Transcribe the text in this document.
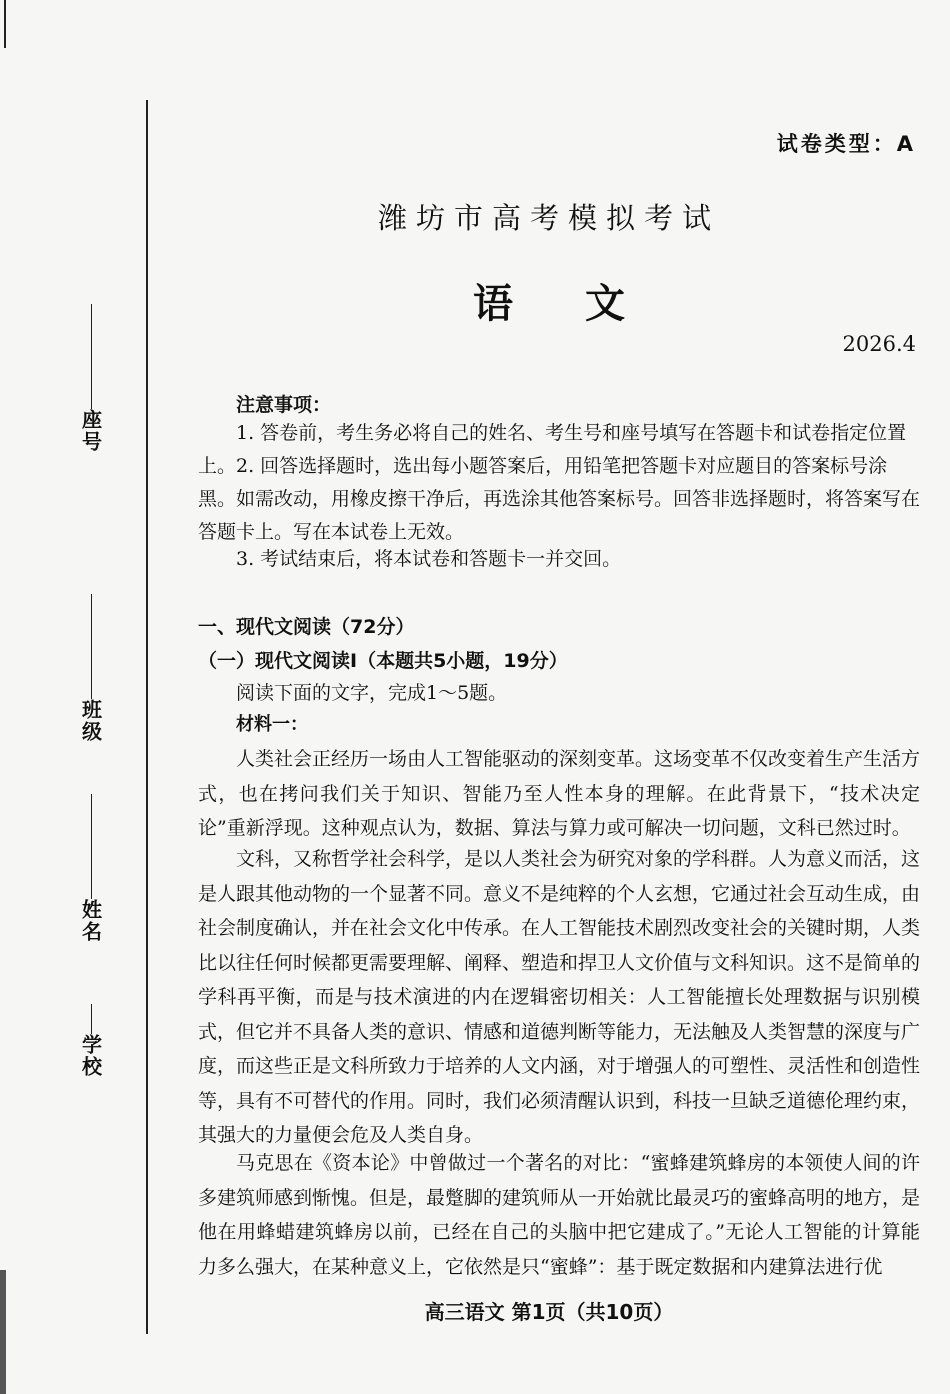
座号
班级
姓名
学校
试卷类型：A
潍坊市高考模拟考试
语文
2026.4
注意事项：
1. 答卷前，考生务必将自己的姓名、考生号和座号填写在答题卡和试卷指定位置上。 2. 回答选择题时，选出每小题答案后，用铅笔把答题卡对应题目的答案标号涂黑。如需改动，用橡皮擦干净后，再选涂其他答案标号。回答非选择题时，将答案写在答题卡上。写在本试卷上无效。
3. 考试结束后，将本试卷和答题卡一并交回。
一、现代文阅读（72分）
（一）现代文阅读Ⅰ（本题共5小题，19分）
阅读下面的文字，完成1～5题。
材料一：
人类社会正经历一场由人工智能驱动的深刻变革。这场变革不仅改变着生产生活方式，也在拷问我们关于知识、智能乃至人性本身的理解。在此背景下，“技术决定论”重新浮现。这种观点认为，数据、算法与算力或可解决一切问题，文科已然过时。
文科，又称哲学社会科学，是以人类社会为研究对象的学科群。人为意义而活，这是人跟其他动物的一个显著不同。意义不是纯粹的个人玄想，它通过社会互动生成，由社会制度确认，并在社会文化中传承。在人工智能技术剧烈改变社会的关键时期，人类比以往任何时候都更需要理解、阐释、塑造和捍卫人文价值与文科知识。这不是简单的学科再平衡，而是与技术演进的内在逻辑密切相关：人工智能擅长处理数据与识别模式，但它并不具备人类的意识、情感和道德判断等能力，无法触及人类智慧的深度与广度，而这些正是文科所致力于培养的人文内涵，对于增强人的可塑性、灵活性和创造性等，具有不可替代的作用。同时，我们必须清醒认识到，科技一旦缺乏道德伦理约束，其强大的力量便会危及人类自身。
马克思在《资本论》中曾做过一个著名的对比：“蜜蜂建筑蜂房的本领使人间的许多建筑师感到惭愧。但是，最蹩脚的建筑师从一开始就比最灵巧的蜜蜂高明的地方，是他在用蜂蜡建筑蜂房以前，已经在自己的头脑中把它建成了。”无论人工智能的计算能力多么强大，在某种意义上，它依然是只“蜜蜂”：基于既定数据和内建算法进行优
高三语文 第1页（共10页）
